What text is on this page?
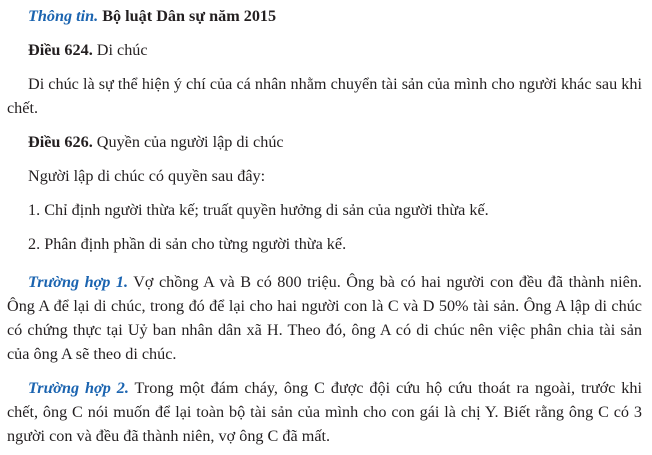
Thông tin. Bộ luật Dân sự năm 2015

Điều 624. Di chúc

Di chúc là sự thể hiện ý chí của cá nhân nhằm chuyển tài sản của mình cho người khác sau khi chết.

Điều 626. Quyền của người lập di chúc

Người lập di chúc có quyền sau đây:

1. Chỉ định người thừa kế; truất quyền hưởng di sản của người thừa kế.

2. Phân định phần di sản cho từng người thừa kế.

Trường hợp 1. Vợ chồng A và B có 800 triệu. Ông bà có hai người con đều đã thành niên. Ông A để lại di chúc, trong đó để lại cho hai người con là C và D 50% tài sản. Ông A lập di chúc có chứng thực tại Uỷ ban nhân dân xã H. Theo đó, ông A có di chúc nên việc phân chia tài sản của ông A sẽ theo di chúc.

Trường hợp 2. Trong một đám cháy, ông C được đội cứu hộ cứu thoát ra ngoài, trước khi chết, ông C nói muốn để lại toàn bộ tài sản của mình cho con gái là chị Y. Biết rằng ông C có 3 người con và đều đã thành niên, vợ ông C đã mất.
